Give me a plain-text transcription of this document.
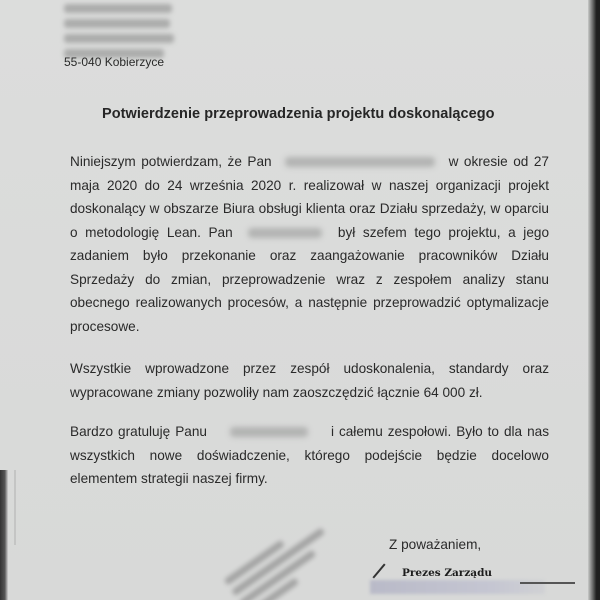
55-040 Kobierzyce
Potwierdzenie przeprowadzenia projektu doskonalącego
Niniejszym potwierdzam, że Pan	w okresie od 27 maja 2020 do 24 września 2020 r. realizował w naszej organizacji projekt doskonalący w obszarze Biura obsługi klienta oraz Działu sprzedaży, w oparciu o metodologię Lean. Pan	był szefem tego projektu, a jego zadaniem było przekonanie oraz zaangażowanie pracowników Działu Sprzedaży do zmian, przeprowadzenie wraz z zespołem analizy stanu obecnego realizowanych procesów, a następnie przeprowadzić optymalizacje procesowe.
Wszystkie wprowadzone przez zespół udoskonalenia, standardy oraz wypracowane zmiany pozwoliły nam zaoszczędzić łącznie 64 000 zł.
Bardzo gratuluję Panu	i całemu zespołowi. Było to dla nas wszystkich nowe doświadczenie, którego podejście będzie docelowo elementem strategii naszej firmy.
Z poważaniem,
Prezes Zarządu
